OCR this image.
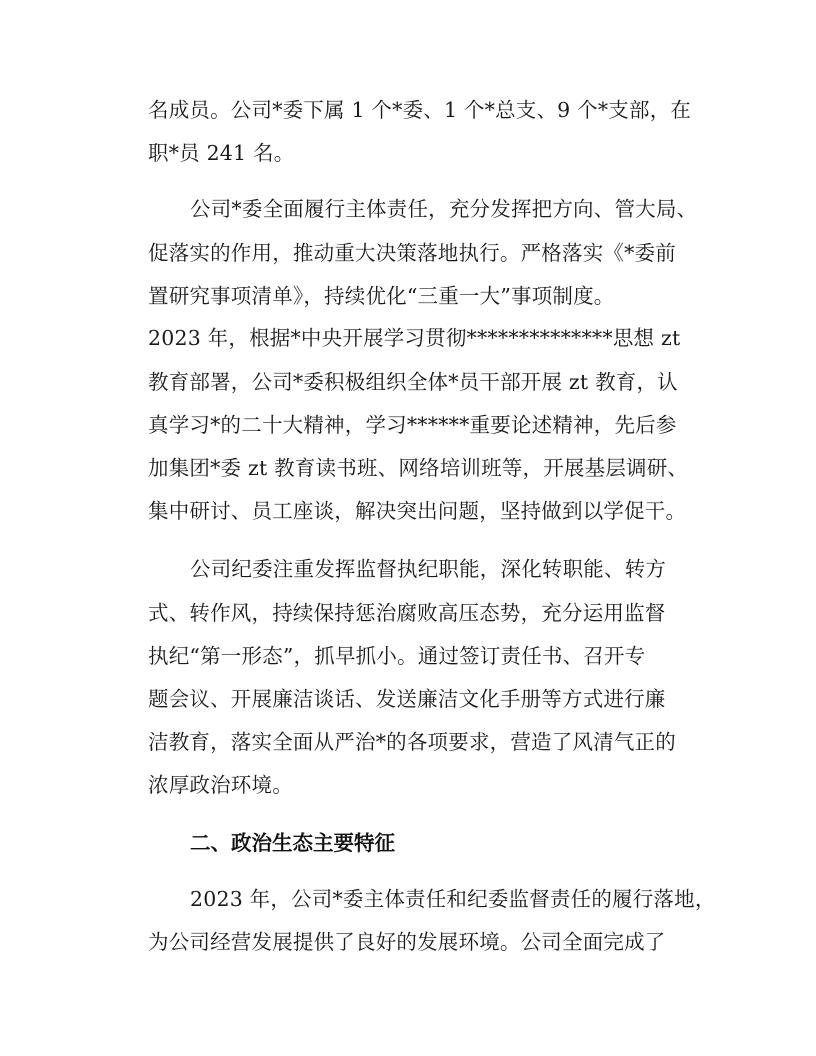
名成员。公司*委下属 1 个*委、1 个*总支、9 个*支部，在
职*员 241 名。
公司*委全面履行主体责任，充分发挥把方向、管大局、
促落实的作用，推动重大决策落地执行。严格落实《*委前
置研究事项清单》，持续优化“三重一大”事项制度。
2023 年，根据*中央开展学习贯彻**************思想 zt
教育部署，公司*委积极组织全体*员干部开展 zt 教育，认
真学习*的二十大精神，学习******重要论述精神，先后参
加集团*委 zt 教育读书班、网络培训班等，开展基层调研、
集中研讨、员工座谈，解决突出问题，坚持做到以学促干。
公司纪委注重发挥监督执纪职能，深化转职能、转方
式、转作风，持续保持惩治腐败高压态势，充分运用监督
执纪“第一形态”，抓早抓小。通过签订责任书、召开专
题会议、开展廉洁谈话、发送廉洁文化手册等方式进行廉
洁教育，落实全面从严治*的各项要求，营造了风清气正的
浓厚政治环境。
二、政治生态主要特征
2023 年，公司*委主体责任和纪委监督责任的履行落地，
为公司经营发展提供了良好的发展环境。公司全面完成了
